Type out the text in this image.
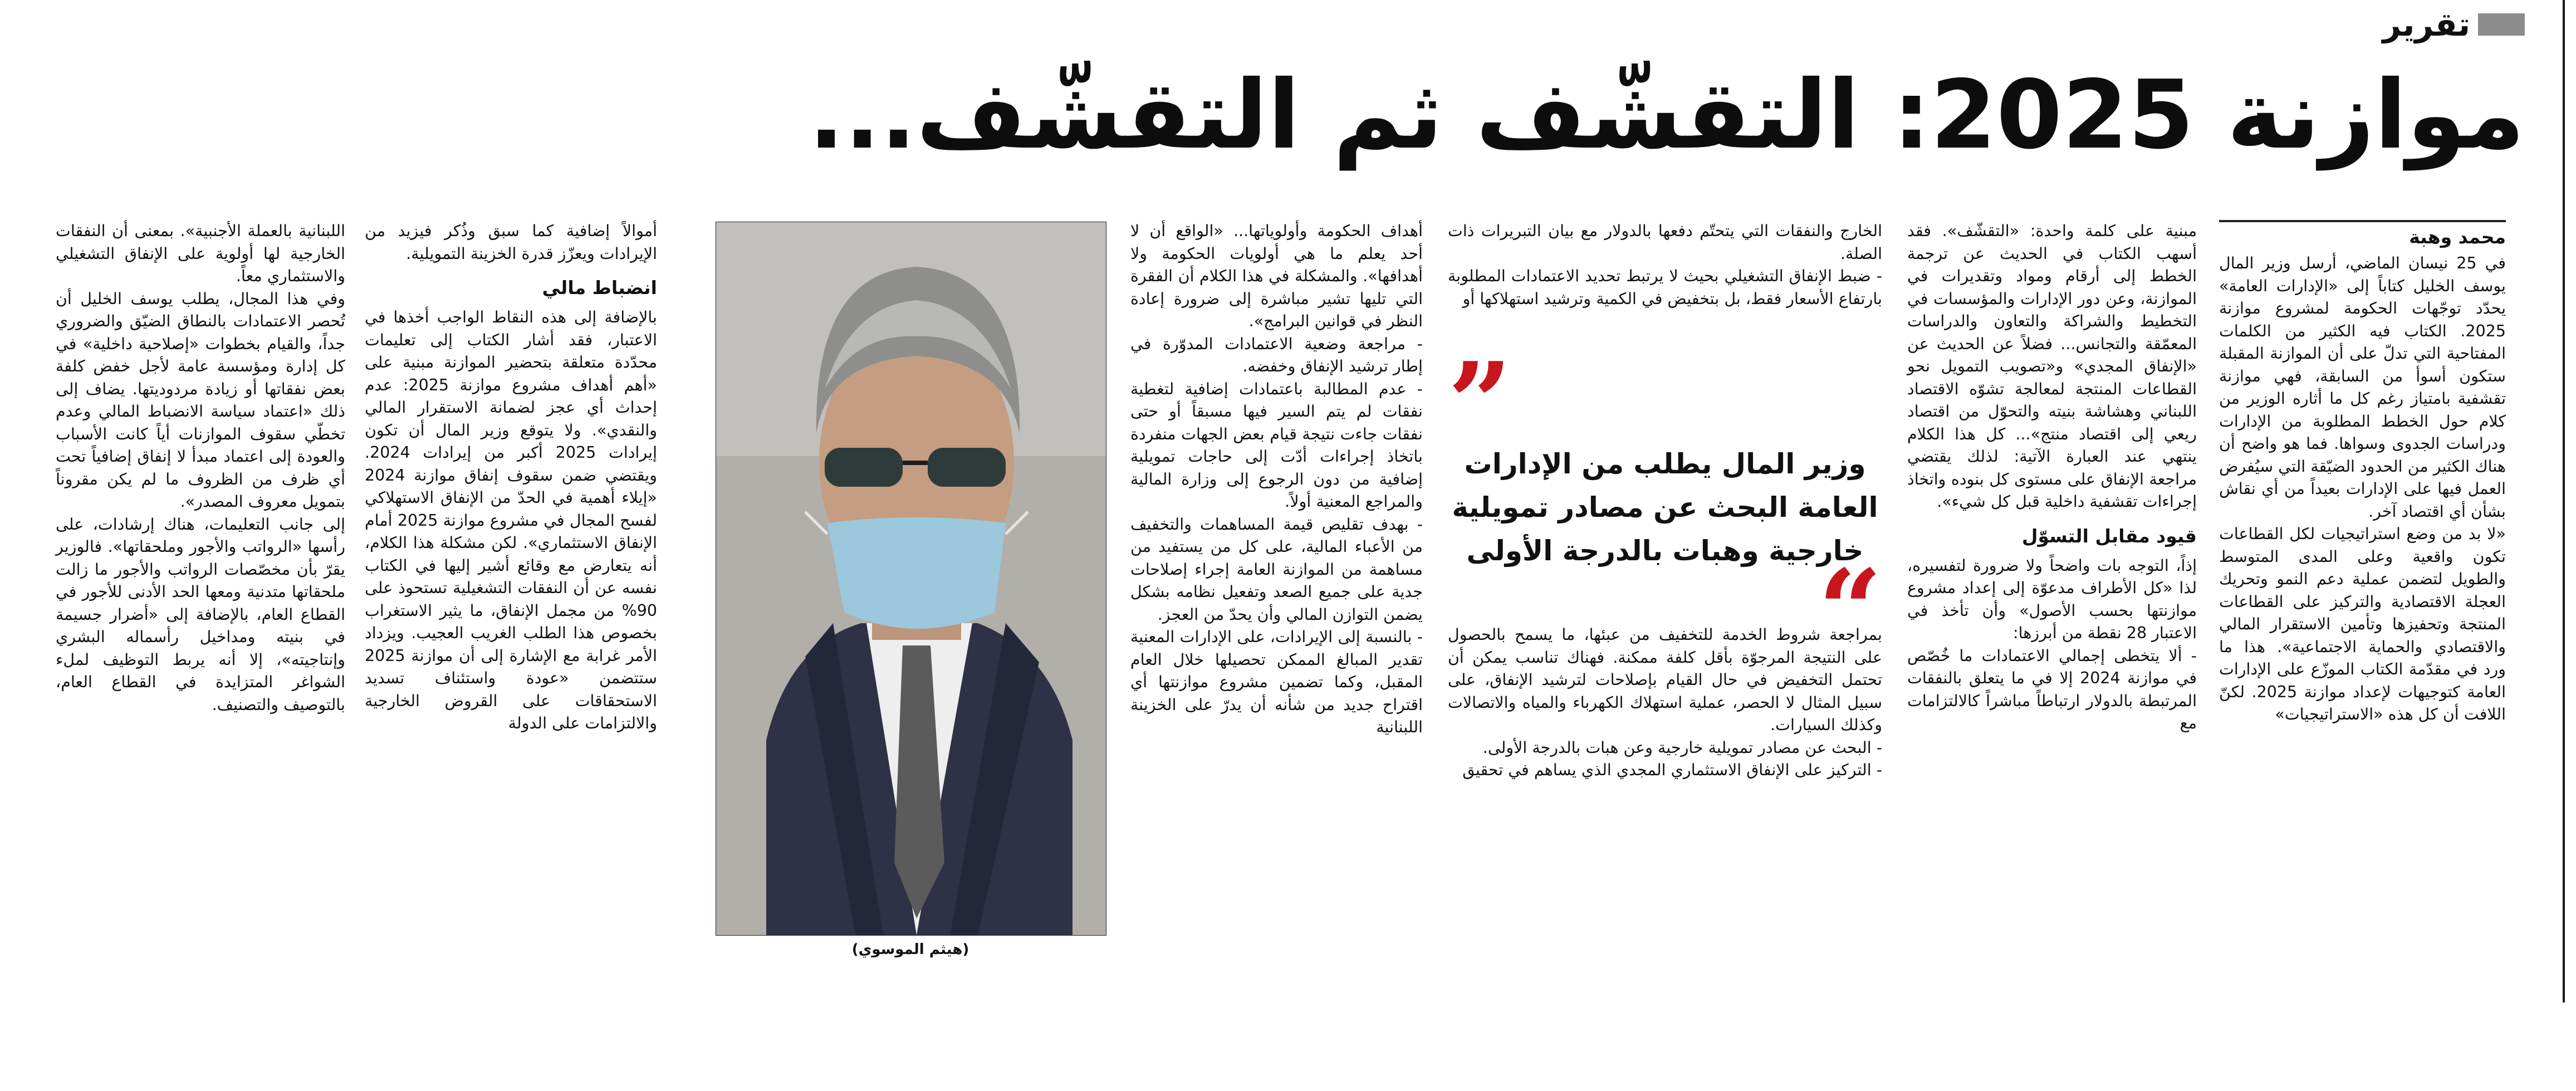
تقرير
موازنة 2025: التقشّف ثم التقشّف...
محمد وهبة

في 25 نيسان الماضي، أرسل وزير المال يوسف الخليل كتاباً إلى «الإدارات العامة» يحدّد توجّهات الحكومة لمشروع موازنة 2025. الكتاب فيه الكثير من الكلمات المفتاحية التي تدلّ على أن الموازنة المقبلة ستكون أسوأ من السابقة، فهي موازنة تقشفية بامتياز رغم كل ما أثاره الوزير من كلام حول الخطط المطلوبة من الإدارات ودراسات الجدوى وسواها. فما هو واضح أن هناك الكثير من الحدود الضيّقة التي سيُفرض العمل فيها على الإدارات بعيداً من أي نقاش بشأن أي اقتصاد آخر.

«لا بد من وضع استراتيجيات لكل القطاعات تكون واقعية وعلى المدى المتوسط والطويل لتضمن عملية دعم النمو وتحريك العجلة الاقتصادية والتركيز على القطاعات المنتجة وتحفيزها وتأمين الاستقرار المالي والاقتصادي والحماية الاجتماعية». هذا ما ورد في مقدّمة الكتاب الموزّع على الإدارات العامة كتوجيهات لإعداد موازنة 2025. لكنّ اللافت أن كل هذه «الاستراتيجيات»

مبنية على كلمة واحدة: «التقشّف». فقد أسهب الكتاب في الحديث عن ترجمة الخطط إلى أرقام ومواد وتقديرات في الموازنة، وعن دور الإدارات والمؤسسات في التخطيط والشراكة والتعاون والدراسات المعمّقة والتجانس... فضلاً عن الحديث عن «الإنفاق المجدي» و«تصويب التمويل نحو القطاعات المنتجة لمعالجة تشوّه الاقتصاد اللبناني وهشاشة بنيته والتحوّل من اقتصاد ريعي إلى اقتصاد منتج»... كل هذا الكلام ينتهي عند العبارة الآتية: لذلك يقتضي مراجعة الإنفاق على مستوى كل بنوده واتخاذ إجراءات تقشفية داخلية قبل كل شيء».

قيود مقابل التسوّل

إذاً، التوجه بات واضحاً ولا ضرورة لتفسيره، لذا «كل الأطراف مدعوّة إلى إعداد مشروع موازنتها بحسب الأصول» وأن تأخذ في الاعتبار 28 نقطة من أبرزها:

- ألا يتخطى إجمالي الاعتمادات ما خُصّص في موازنة 2024 إلا في ما يتعلق بالنفقات المرتبطة بالدولار ارتباطاً مباشراً كالالتزامات مع

الخارج والنفقات التي يتحتّم دفعها بالدولار مع بيان التبريرات ذات الصلة.

- ضبط الإنفاق التشغيلي بحيث لا يرتبط تحديد الاعتمادات المطلوبة بارتفاع الأسعار فقط، بل بتخفيض في الكمية وترشيد استهلاكها أو

”
وزير المال يطلب من الإدارات العامة البحث عن مصادر تمويلية خارجية وهبات بالدرجة الأولى
“

بمراجعة شروط الخدمة للتخفيف من عبئها، ما يسمح بالحصول على النتيجة المرجوّة بأقل كلفة ممكنة. فهناك تناسب يمكن أن تحتمل التخفيض في حال القيام بإصلاحات لترشيد الإنفاق، على سبيل المثال لا الحصر، عملية استهلاك الكهرباء والمياه والاتصالات وكذلك السيارات.

- البحث عن مصادر تمويلية خارجية وعن هبات بالدرجة الأولى.

- التركيز على الإنفاق الاستثماري المجدي الذي يساهم في تحقيق

أهداف الحكومة وأولوياتها... «الواقع أن لا أحد يعلم ما هي أولويات الحكومة ولا أهدافها». والمشكلة في هذا الكلام أن الفقرة التي تليها تشير مباشرة إلى ضرورة إعادة النظر في قوانين البرامج».

- مراجعة وضعية الاعتمادات المدوّرة في إطار ترشيد الإنفاق وخفضه.

- عدم المطالبة باعتمادات إضافية لتغطية نفقات لم يتم السير فيها مسبقاً أو حتى نفقات جاءت نتيجة قيام بعض الجهات منفردة باتخاذ إجراءات أدّت إلى حاجات تمويلية إضافية من دون الرجوع إلى وزارة المالية والمراجع المعنية أولاً.

- بهدف تقليص قيمة المساهمات والتخفيف من الأعباء المالية، على كل من يستفيد من مساهمة من الموازنة العامة إجراء إصلاحات جدية على جميع الصعد وتفعيل نظامه بشكل يضمن التوازن المالي وأن يحدّ من العجز.

- بالنسبة إلى الإيرادات، على الإدارات المعنية تقدير المبالغ الممكن تحصيلها خلال العام المقبل، وكما تضمين مشروع موازنتها أي اقتراح جديد من شأنه أن يدرّ على الخزينة اللبنانية

(هيثم الموسوي)

أموالاً إضافية كما سبق وذُكر فيزيد من الإيرادات ويعزّز قدرة الخزينة التمويلية.

انضباط مالي

بالإضافة إلى هذه النقاط الواجب أخذها في الاعتبار، فقد أشار الكتاب إلى تعليمات محدّدة متعلقة بتحضير الموازنة مبنية على «أهم أهداف مشروع موازنة 2025: عدم إحداث أي عجز لضمانة الاستقرار المالي والنقدي». ولا يتوقع وزير المال أن تكون إيرادات 2025 أكبر من إيرادات 2024. ويقتضي ضمن سقوف إنفاق موازنة 2024 «إيلاء أهمية في الحدّ من الإنفاق الاستهلاكي لفسح المجال في مشروع موازنة 2025 أمام الإنفاق الاستثماري». لكن مشكلة هذا الكلام، أنه يتعارض مع وقائع أشير إليها في الكتاب نفسه عن أن النفقات التشغيلية تستحوذ على 90% من مجمل الإنفاق، ما يثير الاستغراب بخصوص هذا الطلب الغريب العجيب. ويزداد الأمر غرابة مع الإشارة إلى أن موازنة 2025 ستتضمن «عودة واستئناف تسديد الاستحقاقات على القروض الخارجية والالتزامات على الدولة

اللبنانية بالعملة الأجنبية». بمعنى أن النفقات الخارجية لها أولوية على الإنفاق التشغيلي والاستثماري معاً.

وفي هذا المجال، يطلب يوسف الخليل أن تُحصر الاعتمادات بالنطاق الضيّق والضروري جداً، والقيام بخطوات «إصلاحية داخلية» في كل إدارة ومؤسسة عامة لأجل خفض كلفة بعض نفقاتها أو زيادة مردوديتها. يضاف إلى ذلك «اعتماد سياسة الانضباط المالي وعدم تخطّي سقوف الموازنات أياً كانت الأسباب والعودة إلى اعتماد مبدأ لا إنفاق إضافياً تحت أي ظرف من الظروف ما لم يكن مقروناً بتمويل معروف المصدر».

إلى جانب التعليمات، هناك إرشادات، على رأسها «الرواتب والأجور وملحقاتها». فالوزير يقرّ بأن مخصّصات الرواتب والأجور ما زالت ملحقاتها متدنية ومعها الحد الأدنى للأجور في القطاع العام، بالإضافة إلى «أضرار جسيمة في بنيته ومداخيل رأسماله البشري وإنتاجيته»، إلا أنه يربط التوظيف لملء الشواغر المتزايدة في القطاع العام، بالتوصيف والتصنيف.
